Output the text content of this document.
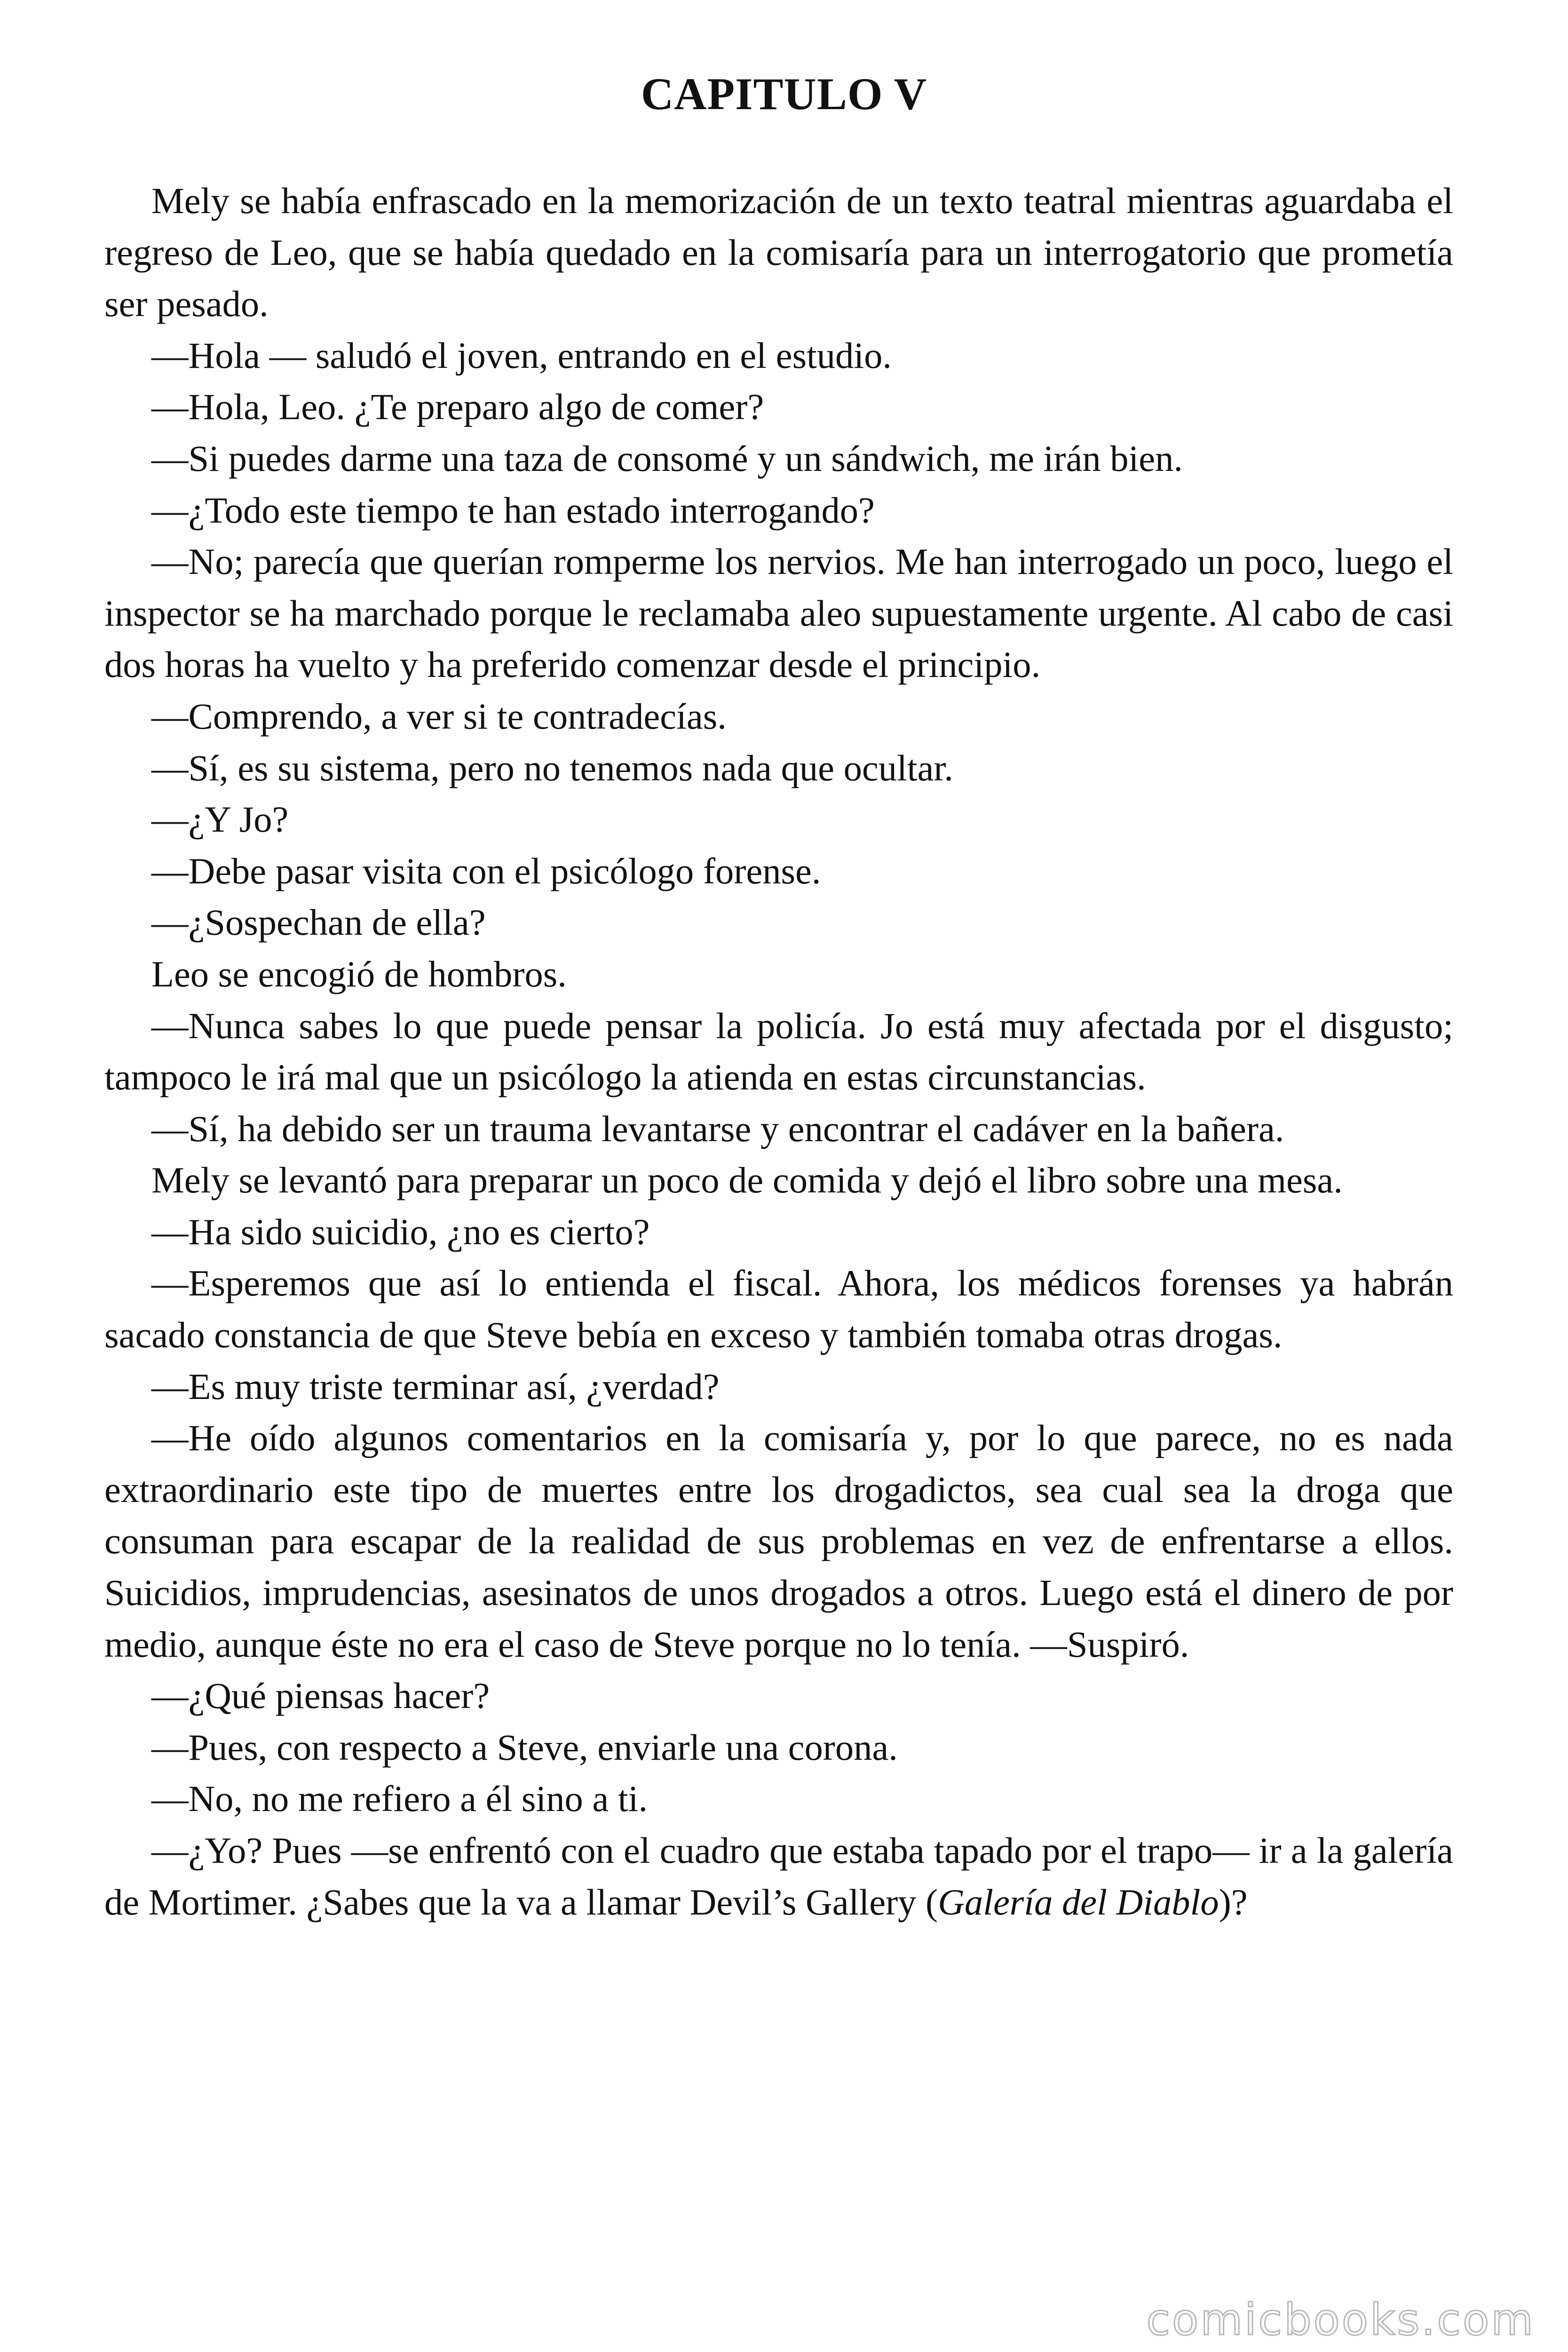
CAPITULO V

Mely se había enfrascado en la memorización de un texto teatral mientras aguardaba el regreso de Leo, que se había quedado en la comisaría para un interrogatorio que prometía ser pesado.

—Hola — saludó el joven, entrando en el estudio.

—Hola, Leo. ¿Te preparo algo de comer?

—Si puedes darme una taza de consomé y un sándwich, me irán bien.

—¿Todo este tiempo te han estado interrogando?

—No; parecía que querían romperme los nervios. Me han interrogado un poco, luego el inspector se ha marchado porque le reclamaba aleo supuestamente urgente. Al cabo de casi dos horas ha vuelto y ha preferido comenzar desde el principio.

—Comprendo, a ver si te contradecías.

—Sí, es su sistema, pero no tenemos nada que ocultar.

—¿Y Jo?

—Debe pasar visita con el psicólogo forense.

—¿Sospechan de ella?

Leo se encogió de hombros.

—Nunca sabes lo que puede pensar la policía. Jo está muy afectada por el disgusto; tampoco le irá mal que un psicólogo la atienda en estas circunstancias.

—Sí, ha debido ser un trauma levantarse y encontrar el cadáver en la bañera.

Mely se levantó para preparar un poco de comida y dejó el libro sobre una mesa.

—Ha sido suicidio, ¿no es cierto?

—Esperemos que así lo entienda el fiscal. Ahora, los médicos forenses ya habrán sacado constancia de que Steve bebía en exceso y también tomaba otras drogas.

—Es muy triste terminar así, ¿verdad?

—He oído algunos comentarios en la comisaría y, por lo que parece, no es nada extraordinario este tipo de muertes entre los drogadictos, sea cual sea la droga que consuman para escapar de la realidad de sus problemas en vez de enfrentarse a ellos. Suicidios, imprudencias, asesinatos de unos drogados a otros. Luego está el dinero de por medio, aunque éste no era el caso de Steve porque no lo tenía. —Suspiró.

—¿Qué piensas hacer?

—Pues, con respecto a Steve, enviarle una corona.

—No, no me refiero a él sino a ti.

—¿Yo? Pues —se enfrentó con el cuadro que estaba tapado por el trapo— ir a la galería de Mortimer. ¿Sabes que la va a llamar Devil’s Gallery (Galería del Diablo)?

comicbooks.com
